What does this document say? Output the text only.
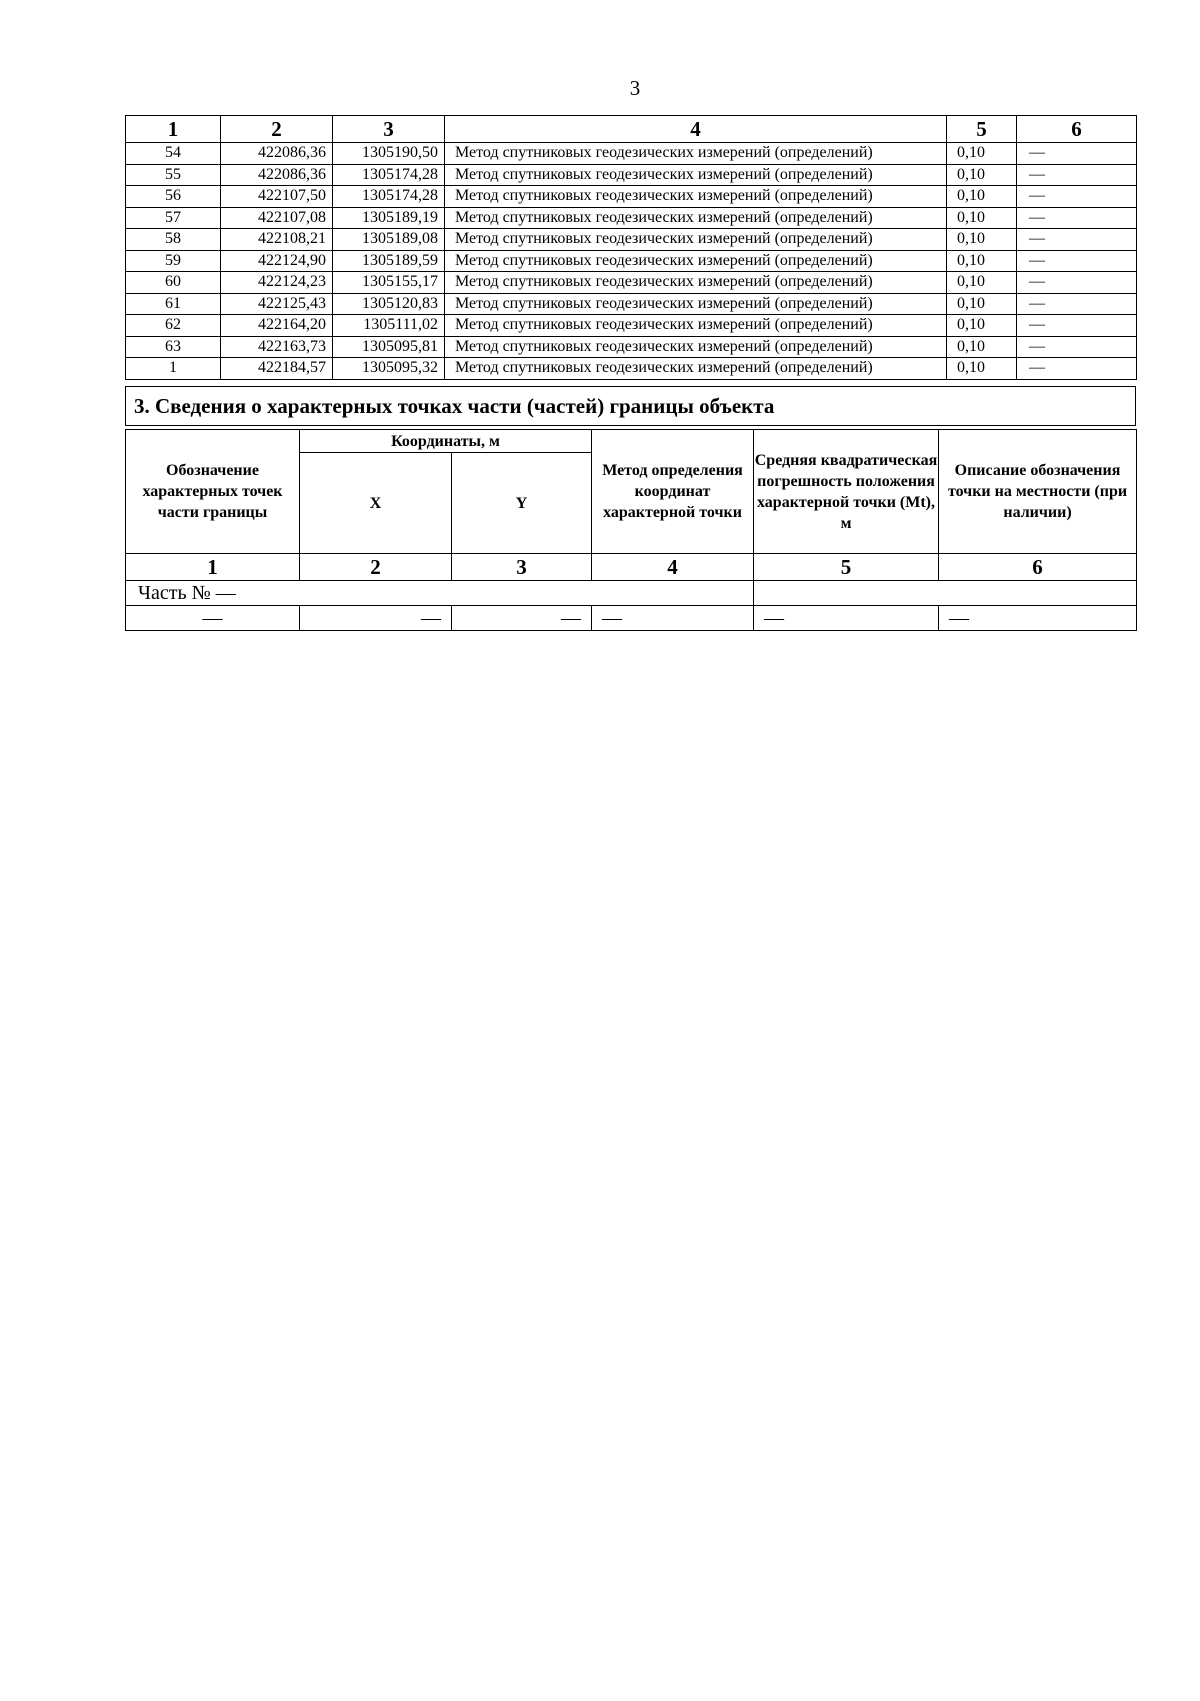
3
1	2	3	4	5	6
54	422086,36	1305190,50	Метод спутниковых геодезических измерений (определений)	0,10	—
55	422086,36	1305174,28	Метод спутниковых геодезических измерений (определений)	0,10	—
56	422107,50	1305174,28	Метод спутниковых геодезических измерений (определений)	0,10	—
57	422107,08	1305189,19	Метод спутниковых геодезических измерений (определений)	0,10	—
58	422108,21	1305189,08	Метод спутниковых геодезических измерений (определений)	0,10	—
59	422124,90	1305189,59	Метод спутниковых геодезических измерений (определений)	0,10	—
60	422124,23	1305155,17	Метод спутниковых геодезических измерений (определений)	0,10	—
61	422125,43	1305120,83	Метод спутниковых геодезических измерений (определений)	0,10	—
62	422164,20	1305111,02	Метод спутниковых геодезических измерений (определений)	0,10	—
63	422163,73	1305095,81	Метод спутниковых геодезических измерений (определений)	0,10	—
1	422184,57	1305095,32	Метод спутниковых геодезических измерений (определений)	0,10	—
3. Сведения о характерных точках части (частей) границы объекта
Обозначение характерных точек части границы	Координаты, м		Метод определения координат характерной точки	Средняя квадратическая погрешность положения характерной точки (Mt), м	Описание обозначения точки на местности (при наличии)
	X	Y			
1	2	3	4	5	6
Часть № —					
—	—	—	—	—	—
